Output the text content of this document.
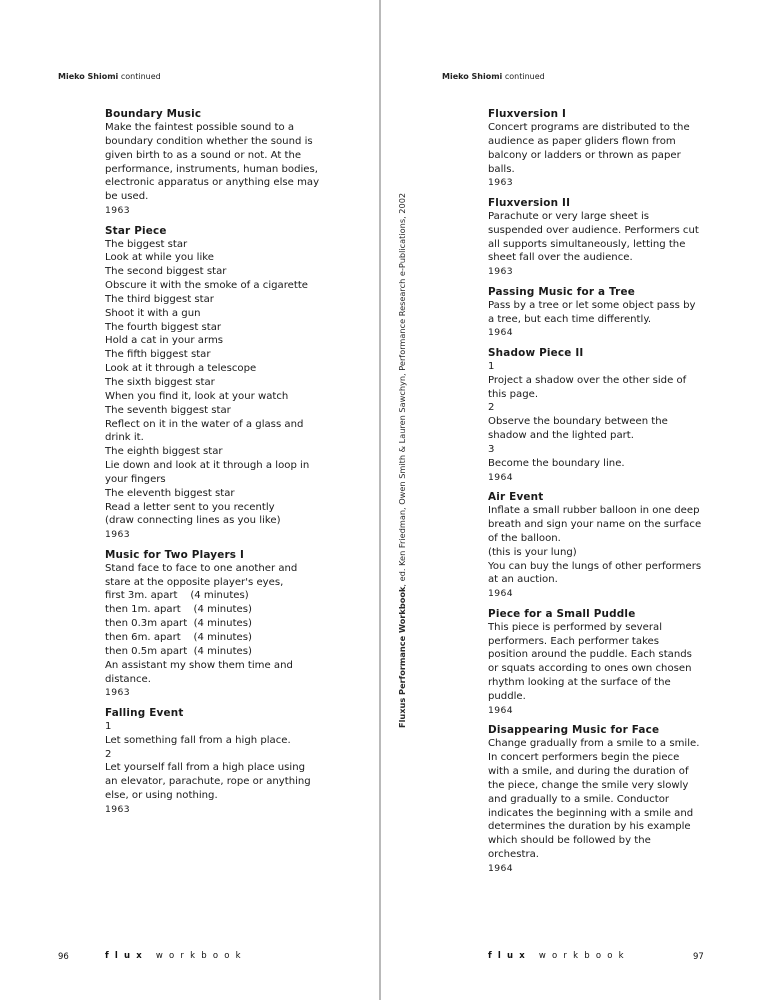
Mieko Shiomi continued	Mieko Shiomi continued
Boundary Music
Make the faintest possible sound to a
boundary condition whether the sound is
given birth to as a sound or not. At the
performance, instruments, human bodies,
electronic apparatus or anything else may
be used.
1963
Star Piece
The biggest star
Look at while you like
The second biggest star
Obscure it with the smoke of a cigarette
The third biggest star
Shoot it with a gun
The fourth biggest star
Hold a cat in your arms
The fifth biggest star
Look at it through a telescope
The sixth biggest star
When you find it, look at your watch
The seventh biggest star
Reflect on it in the water of a glass and
drink it.
The eighth biggest star
Lie down and look at it through a loop in
your fingers
The eleventh biggest star
Read a letter sent to you recently
(draw connecting lines as you like)
1963
Music for Two Players I
Stand face to face to one another and
stare at the opposite player's eyes,
first 3m. apart    (4 minutes)
then 1m. apart    (4 minutes)
then 0.3m apart  (4 minutes)
then 6m. apart    (4 minutes)
then 0.5m apart  (4 minutes)
An assistant my show them time and
distance.
1963
Falling Event
1
Let something fall from a high place.
2
Let yourself fall from a high place using
an elevator, parachute, rope or anything
else, or using nothing.
1963
Fluxversion I
Concert programs are distributed to the
audience as paper gliders flown from
balcony or ladders or thrown as paper
balls.
1963
Fluxversion II
Parachute or very large sheet is
suspended over audience. Performers cut
all supports simultaneously, letting the
sheet fall over the audience.
1963
Passing Music for a Tree
Pass by a tree or let some object pass by
a tree, but each time differently.
1964
Shadow Piece II
1
Project a shadow over the other side of
this page.
2
Observe the boundary between the
shadow and the lighted part.
3
Become the boundary line.
1964
Air Event
Inflate a small rubber balloon in one deep
breath and sign your name on the surface
of the balloon.
(this is your lung)
You can buy the lungs of other performers
at an auction.
1964
Piece for a Small Puddle
This piece is performed by several
performers. Each performer takes
position around the puddle. Each stands
or squats according to ones own chosen
rhythm looking at the surface of the
puddle.
1964
Disappearing Music for Face
Change gradually from a smile to a smile.
In concert performers begin the piece
with a smile, and during the duration of
the piece, change the smile very slowly
and gradually to a smile. Conductor
indicates the beginning with a smile and
determines the duration by his example
which should be followed by the
orchestra.
1964
Fluxus Performance Workbook, ed. Ken Friedman, Owen Smith & Lauren Sawchyn, Performance Research e-Publications, 2002
96	flux  workbook	flux  workbook	97
